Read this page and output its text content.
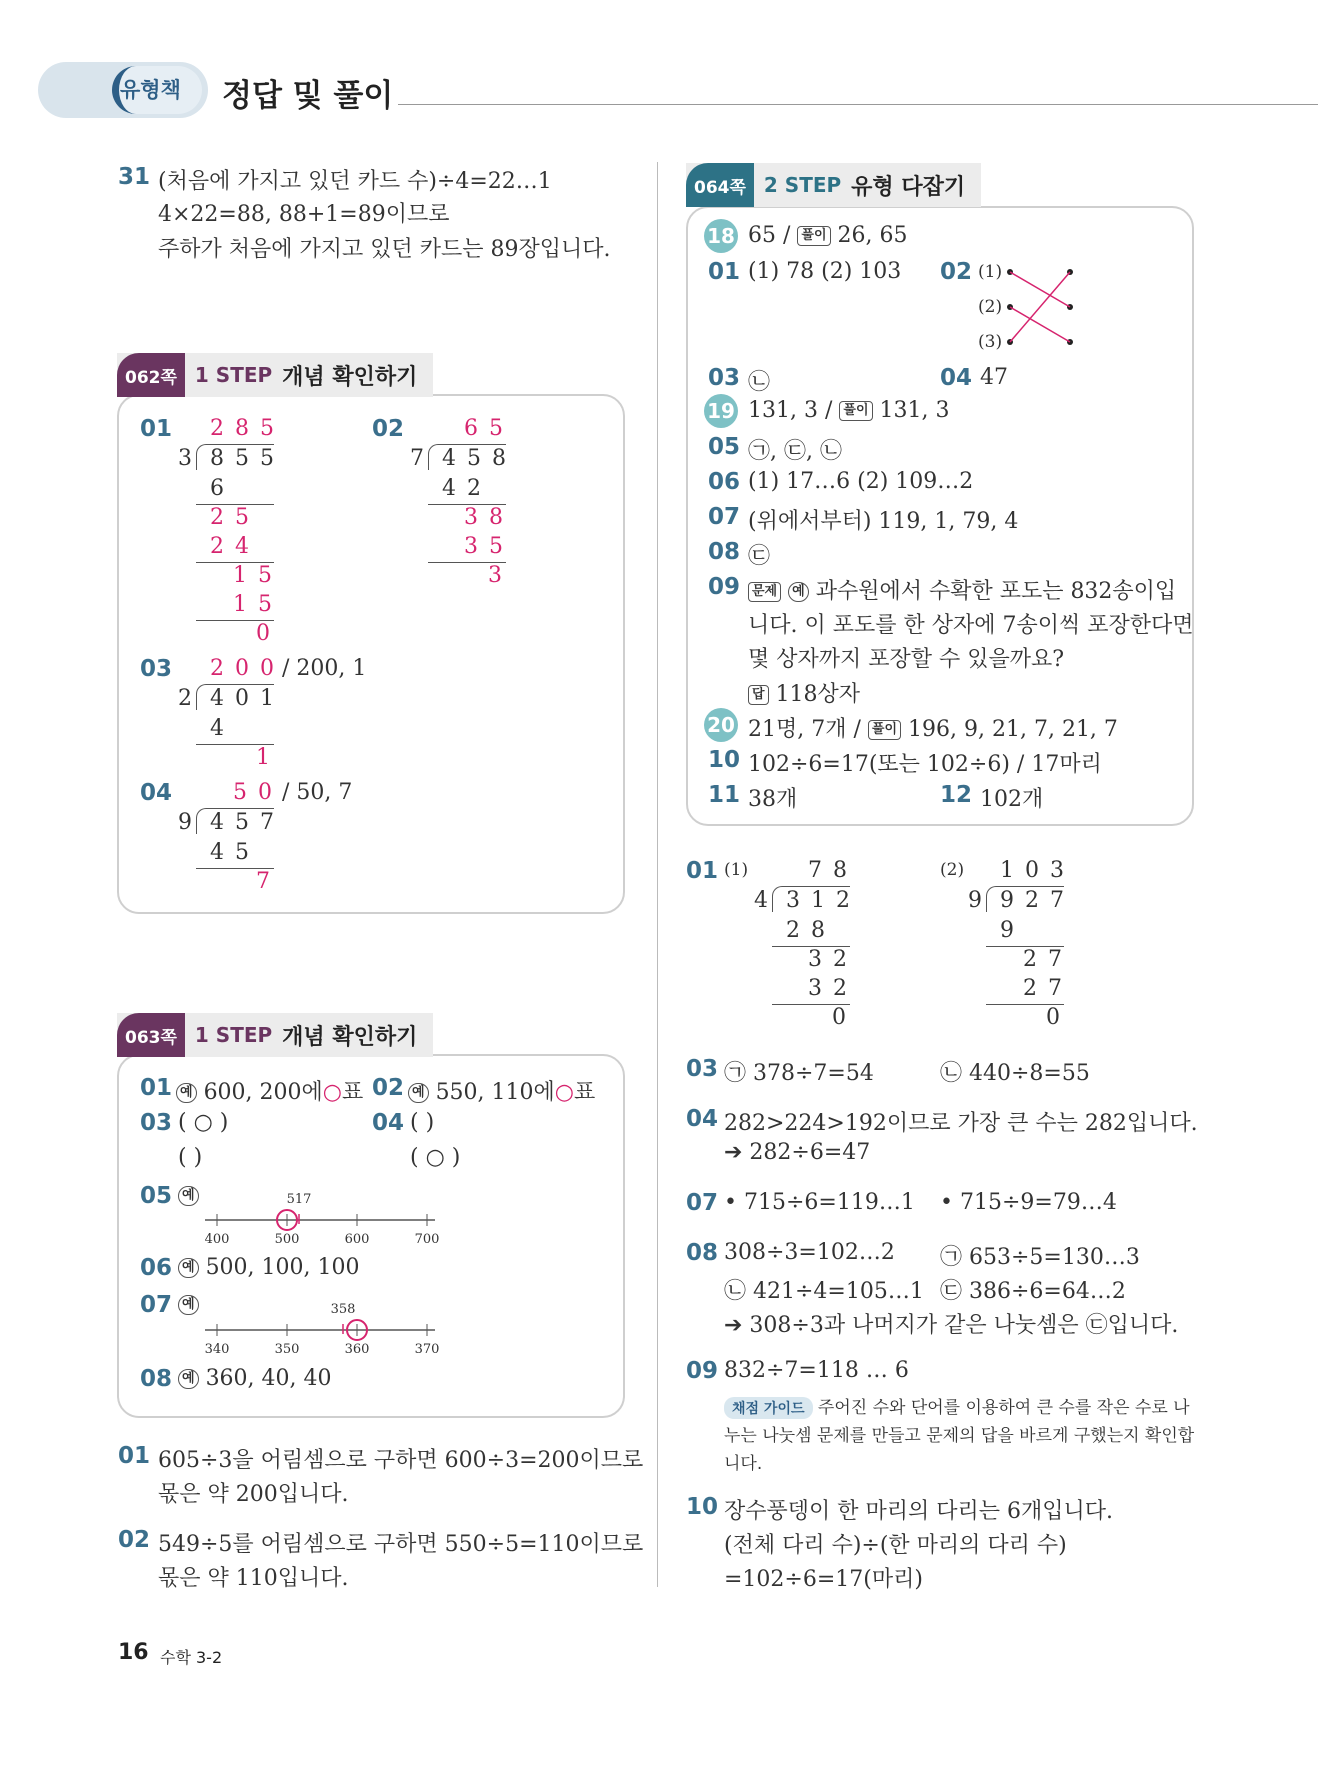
유형책 정답 및 풀이
31 (처음에 가지고 있던 카드 수)÷4=22…1
4×22=88, 88+1=89이므로
주하가 처음에 가지고 있던 카드는 89장입니다.
062쪽 1 STEP 개념 확인하기
01 2 8 5
3 8 5 5
6
2 5
2 4
1 5
1 5
0
02	6 5
7 4 5 8
4 2
3 8
3 5
3
03 2 0 0 / 200, 1
2 4 0 1
4
1
04	5 0 / 50, 7
9 4 5 7
4 5
7
063쪽 1 STEP 개념 확인하기
01 예 600, 200에○표 02 예 550, 110에○표
03 ( ○ )
( )
04 ( )
( ○ )
05 예	517
400	500	600	700
06 예 500, 100, 100
07 예	358
340	350	360	370
08 예 360, 40, 40
01 605÷3을 어림셈으로 구하면 600÷3=200이므로
몫은 약 200입니다.
02 549÷5를 어림셈으로 구하면 550÷5=110이므로
몫은 약 110입니다.
064쪽 2 STEP 유형 다잡기
18 65 / 풀이 26, 65
01 (1) 78 (2) 103 02 (1)
(2)
(3)
03 ㉡	04 47
19 131, 3 / 풀이 131, 3
05 ㉠, ㉢, ㉡
06 (1) 17…6 (2) 109…2
07 (위에서부터) 119, 1, 79, 4
08 ㉢
09 문제 예 과수원에서 수확한 포도는 832송이입
니다. 이 포도를 한 상자에 7송이씩 포장한다면
몇 상자까지 포장할 수 있을까요?
답 118상자
20 21명, 7개 / 풀이 196, 9, 21, 7, 21, 7
10 102÷6=17(또는 102÷6) / 17마리
11 38개	12 102개
01 (1)	7 8
4 3 1 2
2 8
3 2
3 2
0
(2) 1 0 3
9 9 2 7
9
2 7
2 7
0
03 ㉠ 378÷7=54	㉡ 440÷8=55
04 282>224>192이므로 가장 큰 수는 282입니다.
➔ 282÷6=47
07 • 715÷6=119…1 • 715÷9=79…4
08 308÷3=102…2 ㉠ 653÷5=130…3
㉡ 421÷4=105…1 ㉢ 386÷6=64…2
➔ 308÷3과 나머지가 같은 나눗셈은 ㉢입니다.
09 832÷7=118 … 6
채점 가이드 주어진 수와 단어를 이용하여 큰 수를 작은 수로 나
누는 나눗셈 문제를 만들고 문제의 답을 바르게 구했는지 확인합
니다.
10 장수풍뎅이 한 마리의 다리는 6개입니다.
(전체 다리 수)÷(한 마리의 다리 수)
=102÷6=17(마리)
16 수학 3-2
